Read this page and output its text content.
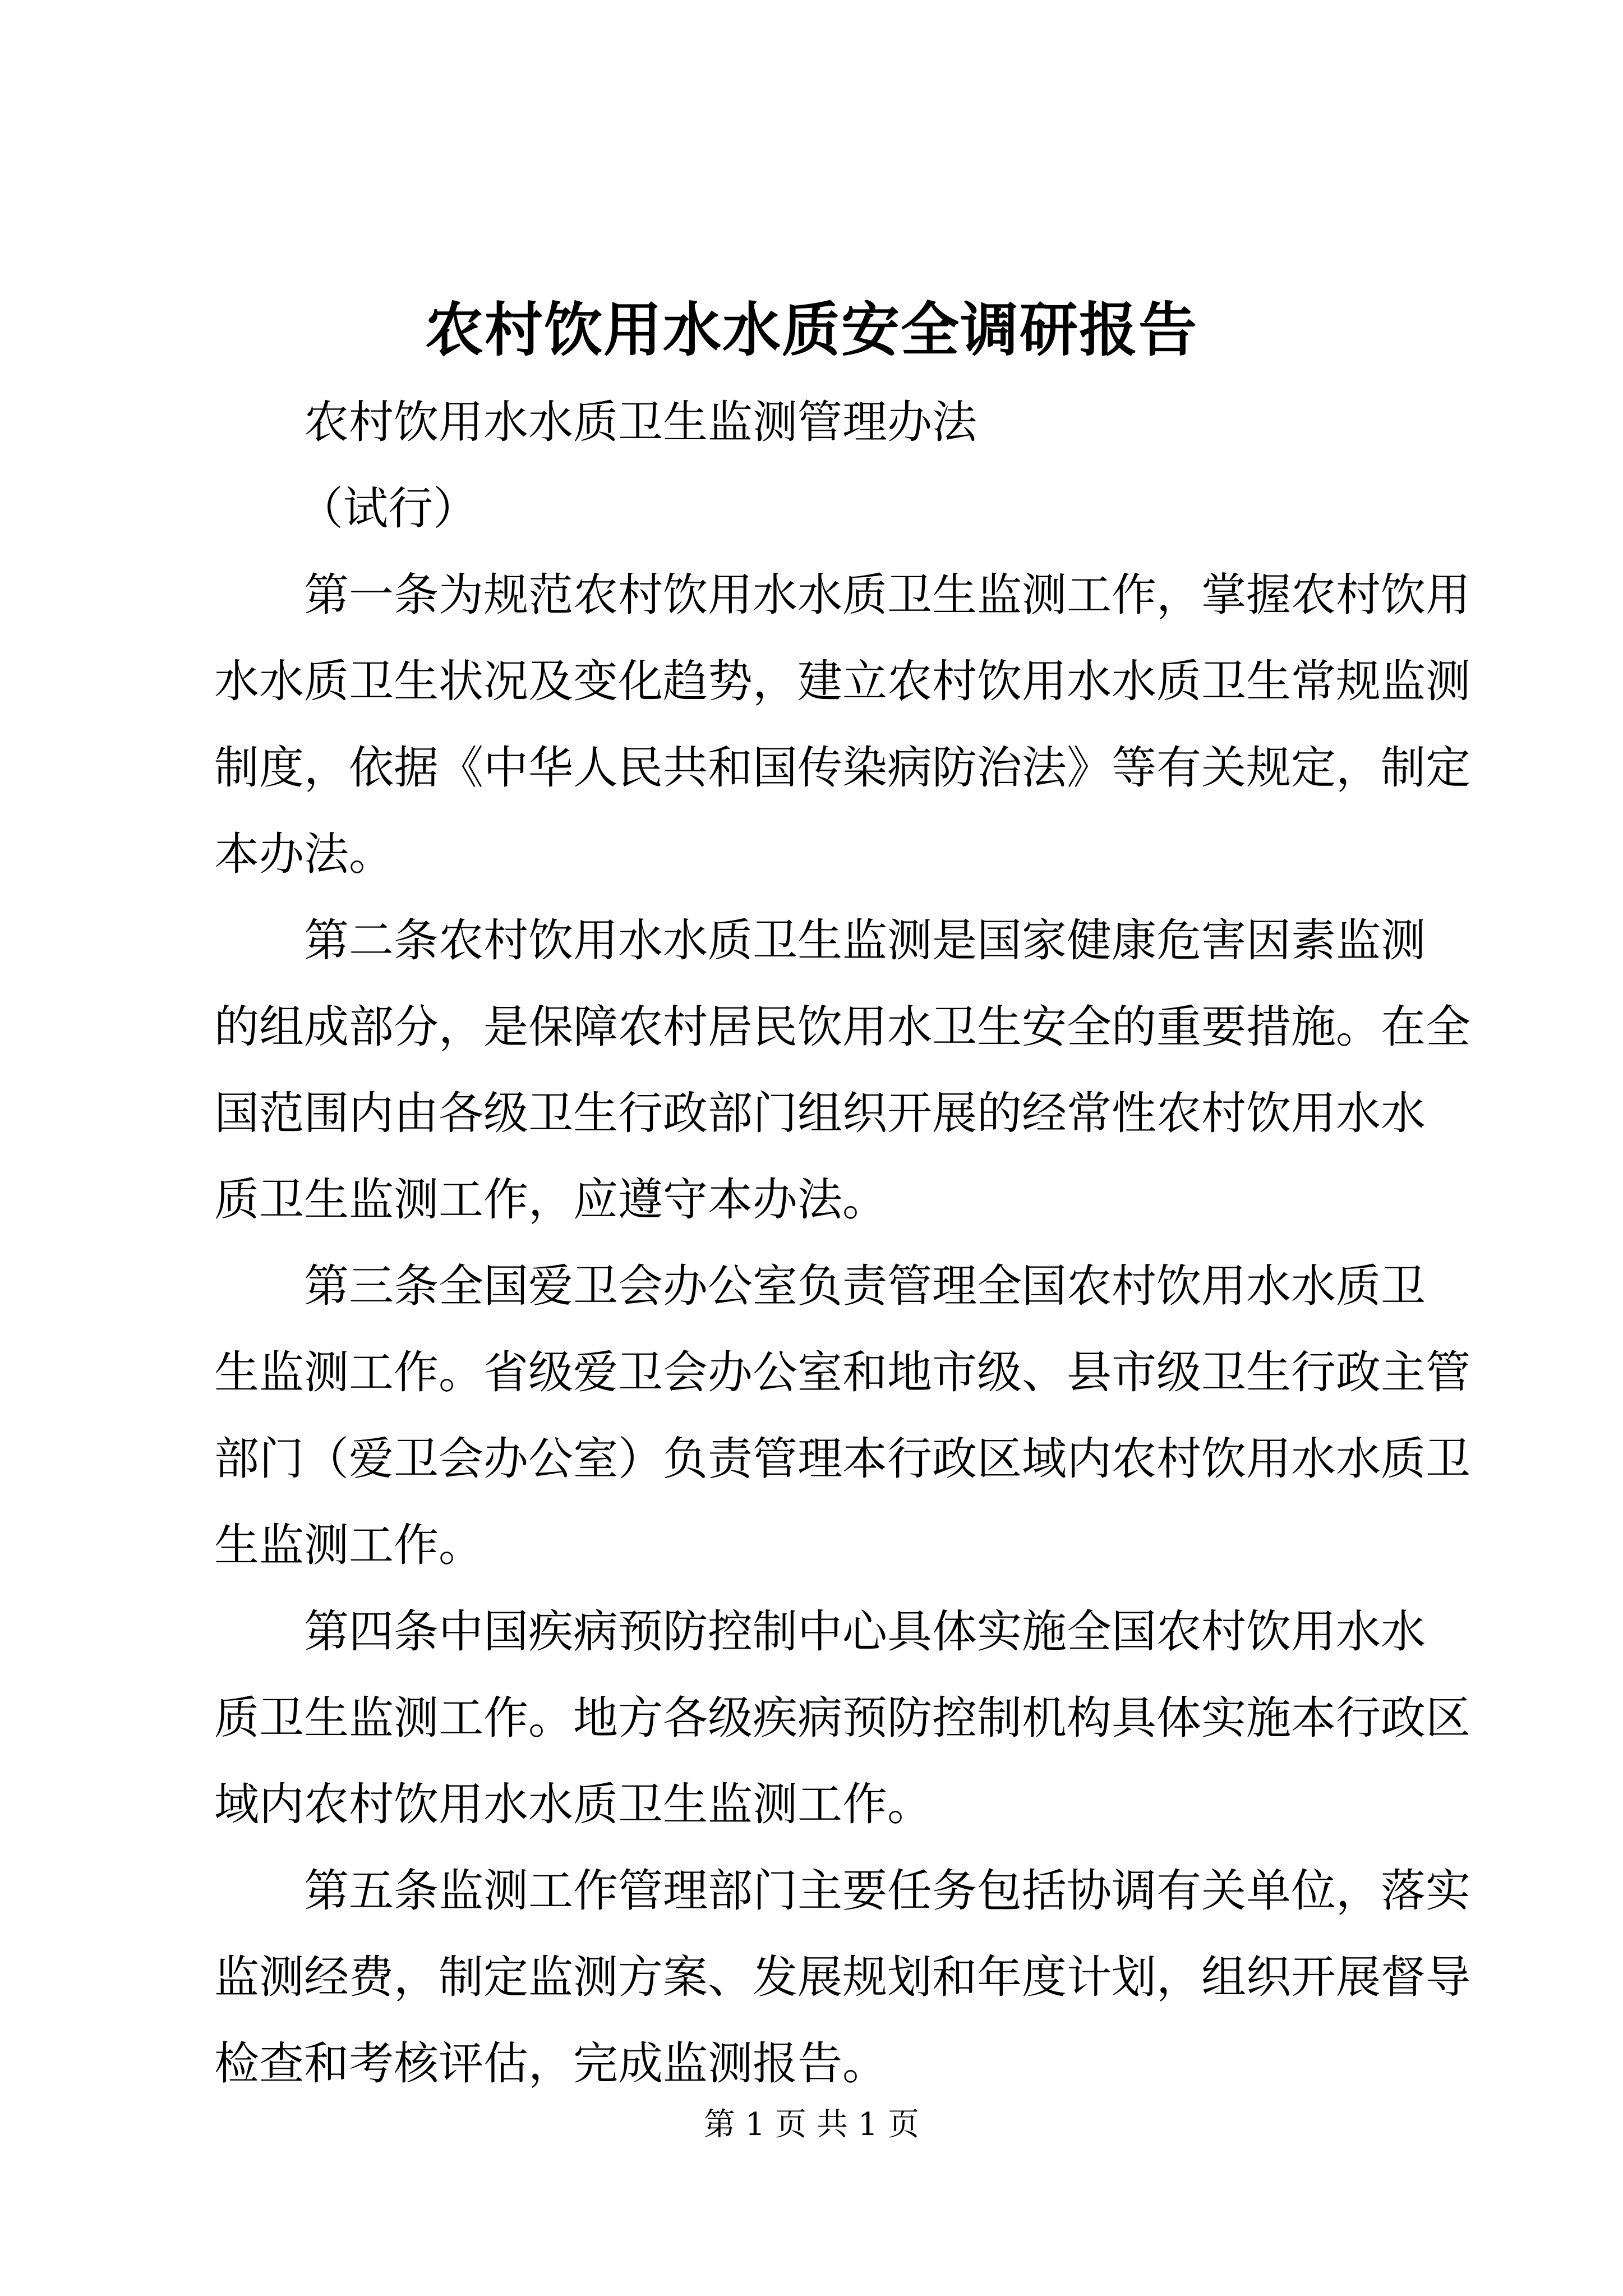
农村饮用水水质安全调研报告
农村饮用水水质卫生监测管理办法
（试行）
第一条为规范农村饮用水水质卫生监测工作，掌握农村饮用
水水质卫生状况及变化趋势，建立农村饮用水水质卫生常规监测
制度，依据《中华人民共和国传染病防治法》等有关规定，制定
本办法。
第二条农村饮用水水质卫生监测是国家健康危害因素监测
的组成部分，是保障农村居民饮用水卫生安全的重要措施。在全
国范围内由各级卫生行政部门组织开展的经常性农村饮用水水
质卫生监测工作，应遵守本办法。
第三条全国爱卫会办公室负责管理全国农村饮用水水质卫
生监测工作。省级爱卫会办公室和地市级、县市级卫生行政主管
部门（爱卫会办公室）负责管理本行政区域内农村饮用水水质卫
生监测工作。
第四条中国疾病预防控制中心具体实施全国农村饮用水水
质卫生监测工作。地方各级疾病预防控制机构具体实施本行政区
域内农村饮用水水质卫生监测工作。
第五条监测工作管理部门主要任务包括协调有关单位，落实
监测经费，制定监测方案、发展规划和年度计划，组织开展督导
检查和考核评估，完成监测报告。
第 1 页 共 1 页
